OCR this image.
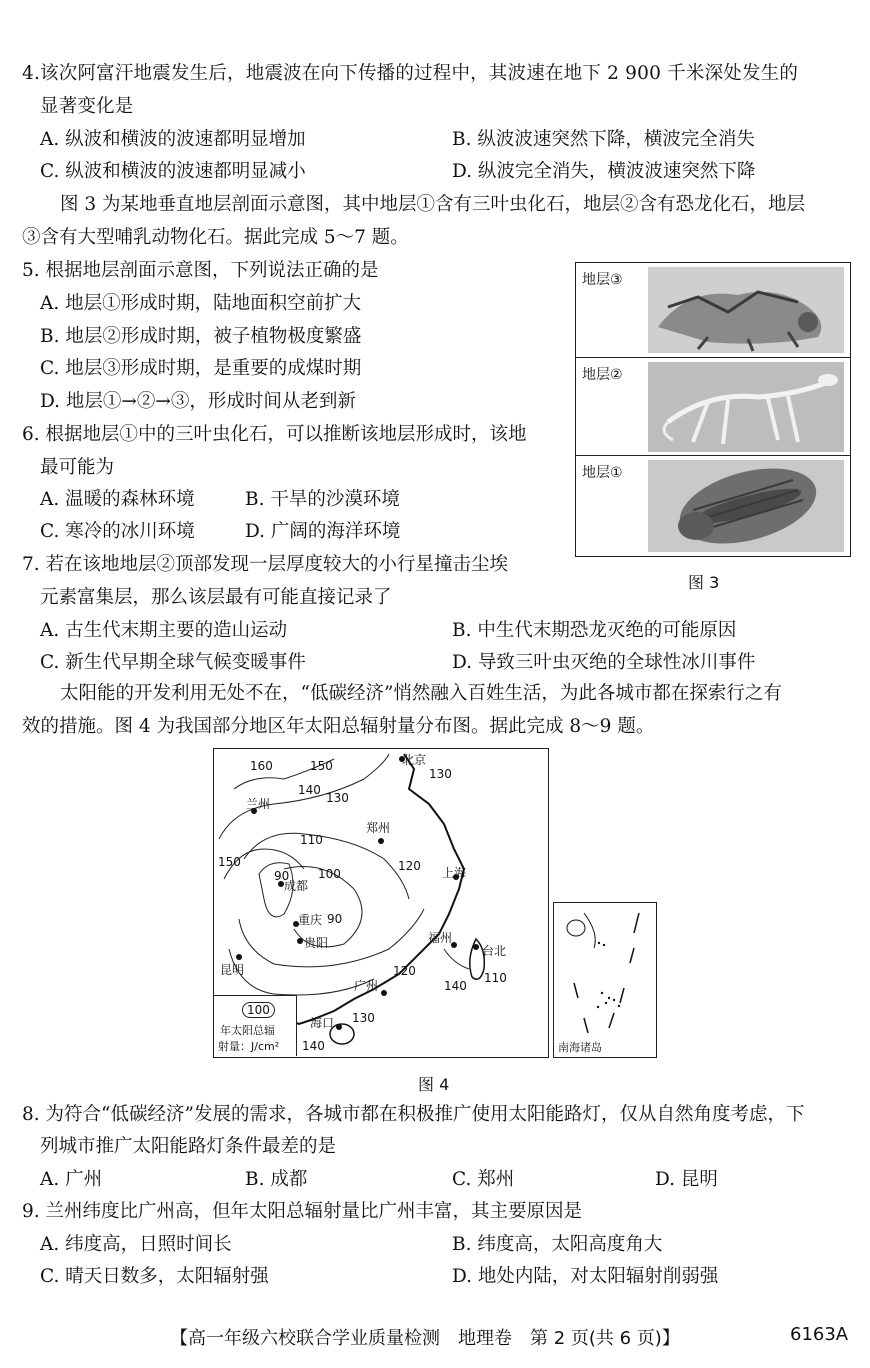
4.该次阿富汗地震发生后，地震波在向下传播的过程中，其波速在地下 2 900 千米深处发生的
显著变化是
A. 纵波和横波的波速都明显增加	B. 纵波波速突然下降，横波完全消失
C. 纵波和横波的波速都明显减小	D. 纵波完全消失，横波波速突然下降
图 3 为某地垂直地层剖面示意图，其中地层①含有三叶虫化石，地层②含有恐龙化石，地层
③含有大型哺乳动物化石。据此完成 5～7 题。
5. 根据地层剖面示意图，下列说法正确的是
A. 地层①形成时期，陆地面积空前扩大
B. 地层②形成时期，被子植物极度繁盛
C. 地层③形成时期，是重要的成煤时期
D. 地层①→②→③，形成时间从老到新
6. 根据地层①中的三叶虫化石，可以推断该地层形成时，该地
最可能为
A. 温暖的森林环境	B. 干旱的沙漠环境
C. 寒冷的冰川环境	D. 广阔的海洋环境
7. 若在该地地层②顶部发现一层厚度较大的小行星撞击尘埃
元素富集层，那么该层最有可能直接记录了
A. 古生代末期主要的造山运动	B. 中生代末期恐龙灭绝的可能原因
C. 新生代早期全球气候变暖事件	D. 导致三叶虫灭绝的全球性冰川事件
地层③
地层②
地层①
图 3
太阳能的开发利用无处不在，“低碳经济”悄然融入百姓生活，为此各城市都在探索行之有
效的措施。图 4 为我国部分地区年太阳总辐射量分布图。据此完成 8～9 题。
北京
兰州
郑州
成都
重庆
贵阳
上海
福州
台北
昆明
广州
海口
160	150
130
140
130
110
150
90 100
90
120
120
140
110
130
140
100
年太阳总辐
射量：J/cm²	南海诸岛
图 4
8. 为符合“低碳经济”发展的需求，各城市都在积极推广使用太阳能路灯，仅从自然角度考虑，下
列城市推广太阳能路灯条件最差的是
A. 广州	B. 成都	C. 郑州	D. 昆明
9. 兰州纬度比广州高，但年太阳总辐射量比广州丰富，其主要原因是
A. 纬度高，日照时间长	B. 纬度高，太阳高度角大
C. 晴天日数多，太阳辐射强	D. 地处内陆，对太阳辐射削弱强
【高一年级六校联合学业质量检测　地理卷　第 2 页(共 6 页)】	6163A
